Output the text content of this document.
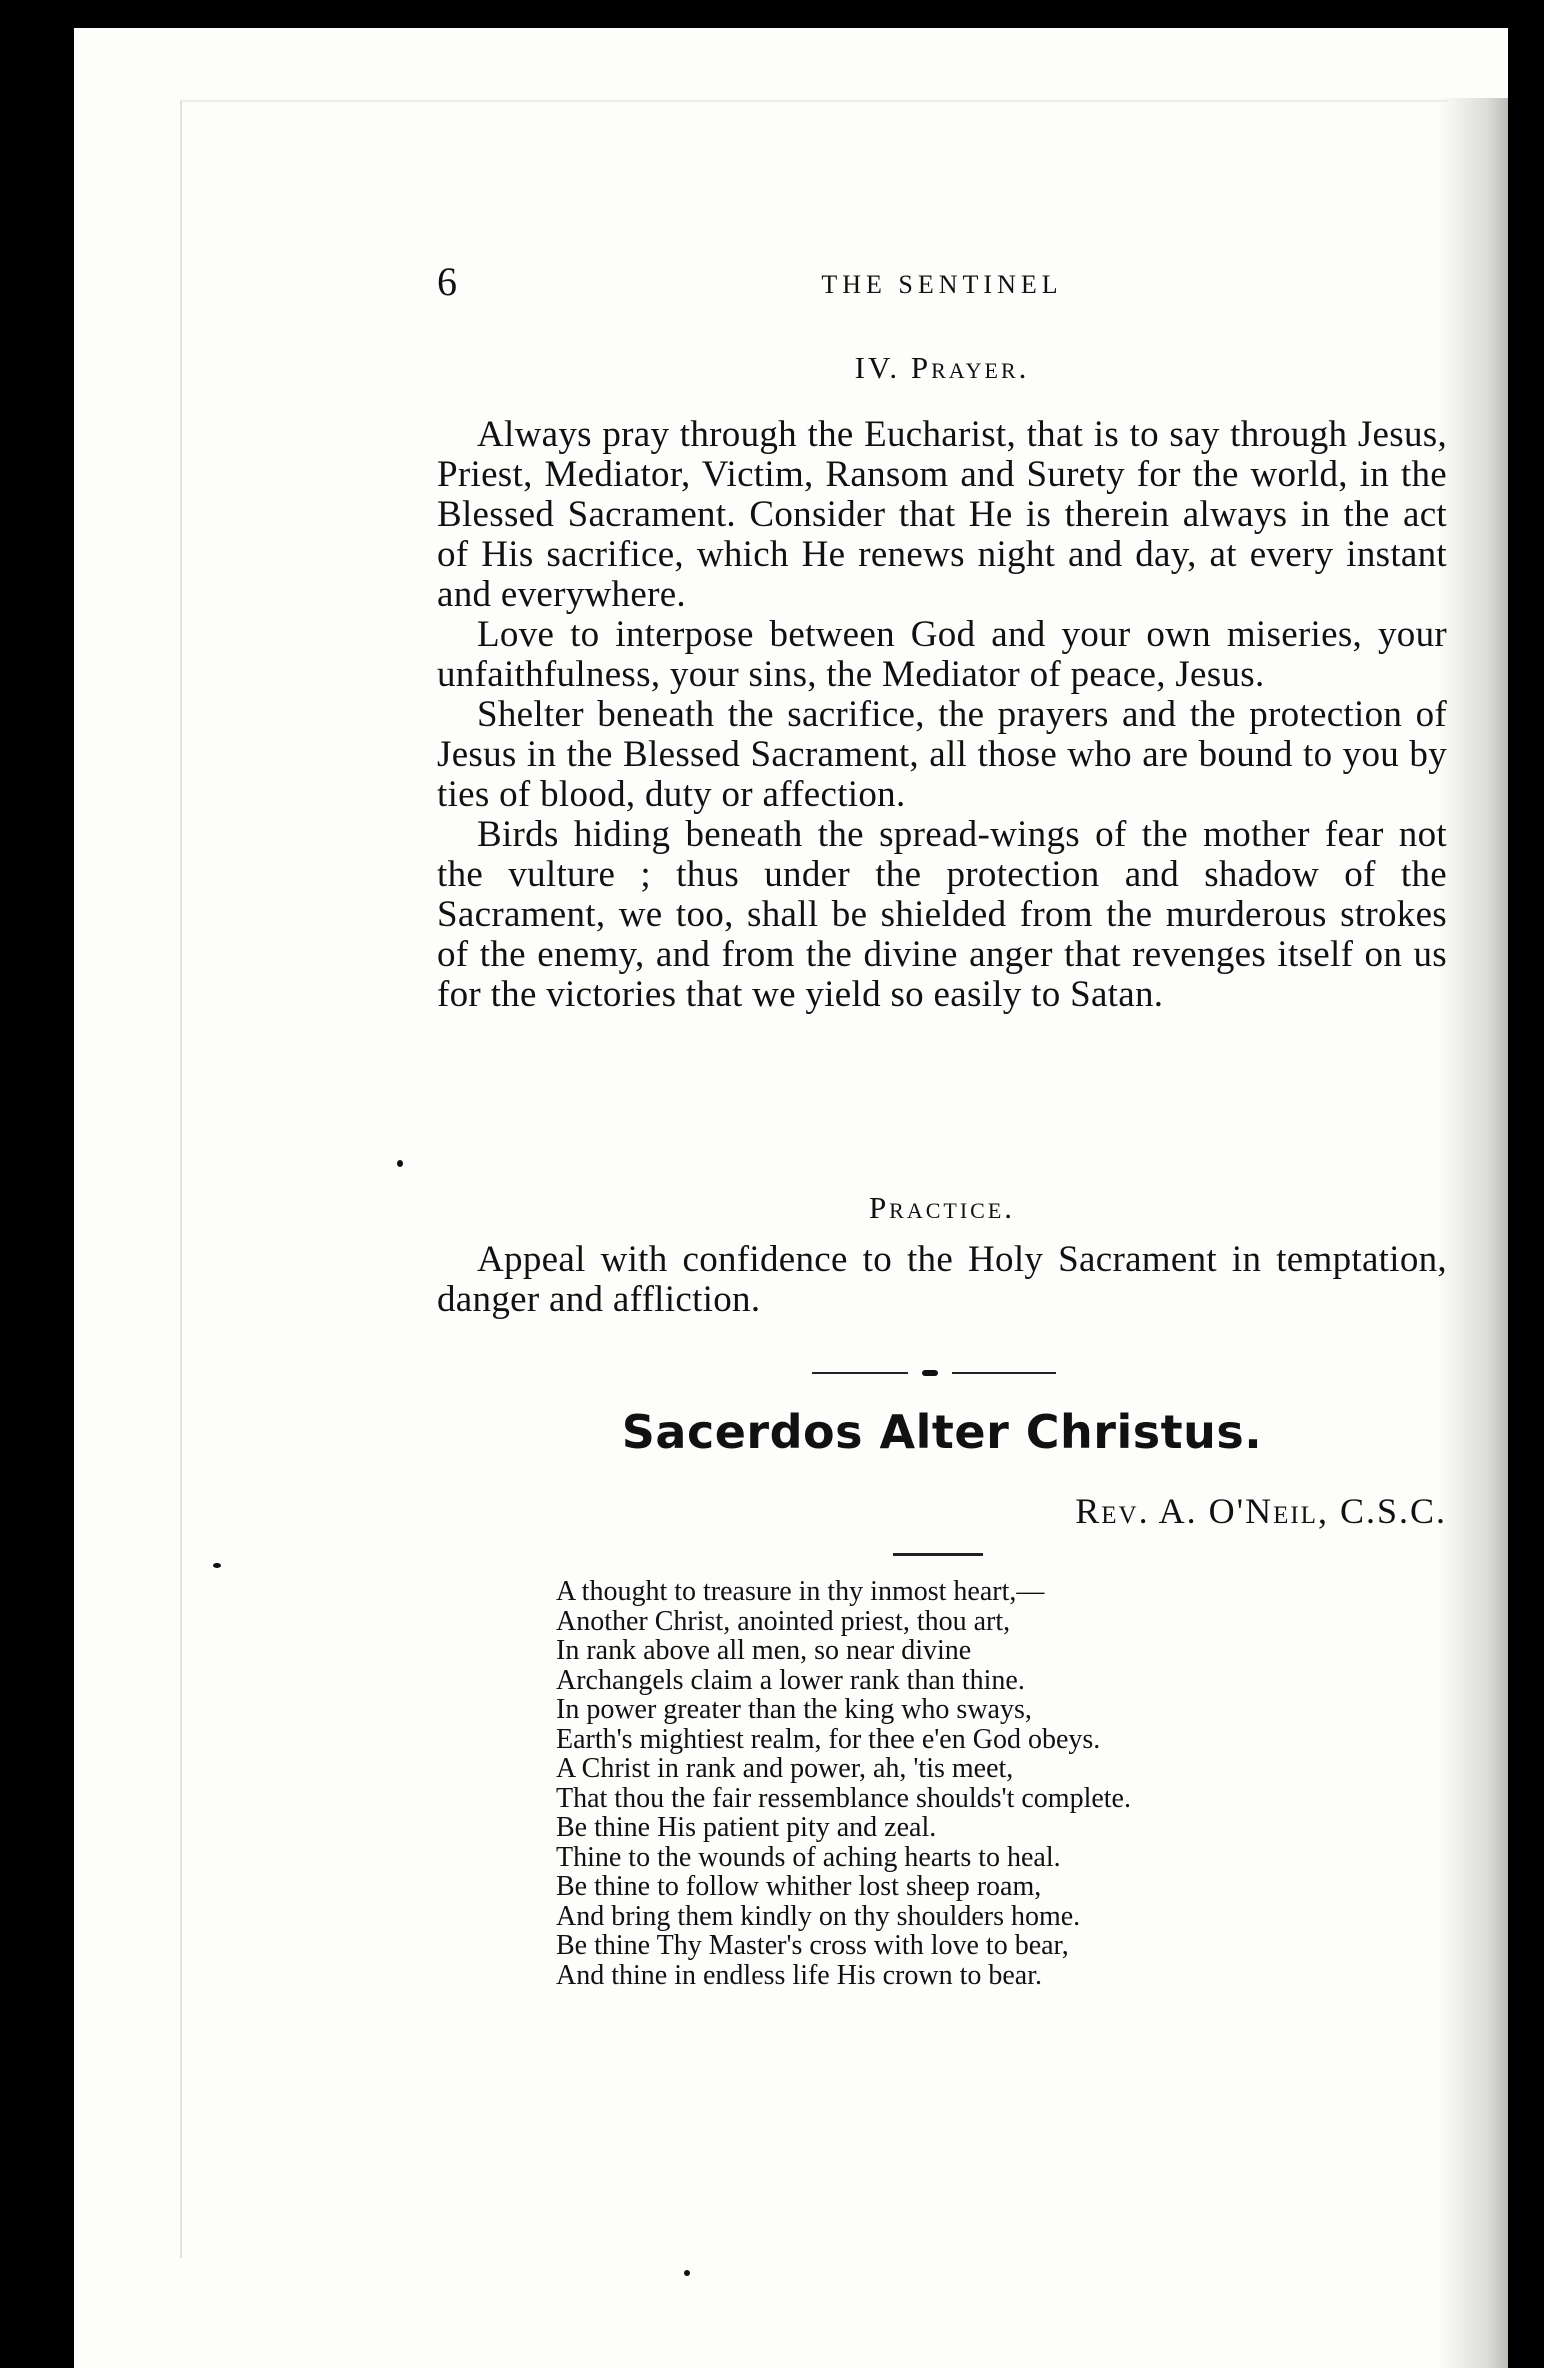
6	THE SENTINEL
IV. Prayer.

Always pray through the Eucharist, that is to say through Jesus, Priest, Mediator, Victim, Ransom and Surety for the world, in the Blessed Sacrament. Consider that He is therein always in the act of His sacrifice, which He renews night and day, at every instant and everywhere.

Love to interpose between God and your own miseries, your unfaithfulness, your sins, the Mediator of peace, Jesus.

Shelter beneath the sacrifice, the prayers and the protection of Jesus in the Blessed Sacrament, all those who are bound to you by ties of blood, duty or affection.

Birds hiding beneath the spread-wings of the mother fear not the vulture ; thus under the protection and shadow of the Sacrament, we too, shall be shielded from the murderous strokes of the enemy, and from the divine anger that revenges itself on us for the victories that we yield so easily to Satan.

Practice.

Appeal with confidence to the Holy Sacrament in temptation, danger and affliction.

Sacerdos Alter Christus.
Rev. A. O'Neil, C.S.C.
A thought to treasure in thy inmost heart,—
Another Christ, anointed priest, thou art,
In rank above all men, so near divine
Archangels claim a lower rank than thine.
In power greater than the king who sways,
Earth's mightiest realm, for thee e'en God obeys.
A Christ in rank and power, ah, 'tis meet,
That thou the fair ressemblance shoulds't complete.
Be thine His patient pity and zeal.
Thine to the wounds of aching hearts to heal.
Be thine to follow whither lost sheep roam,
And bring them kindly on thy shoulders home.
Be thine Thy Master's cross with love to bear,
And thine in endless life His crown to bear.
